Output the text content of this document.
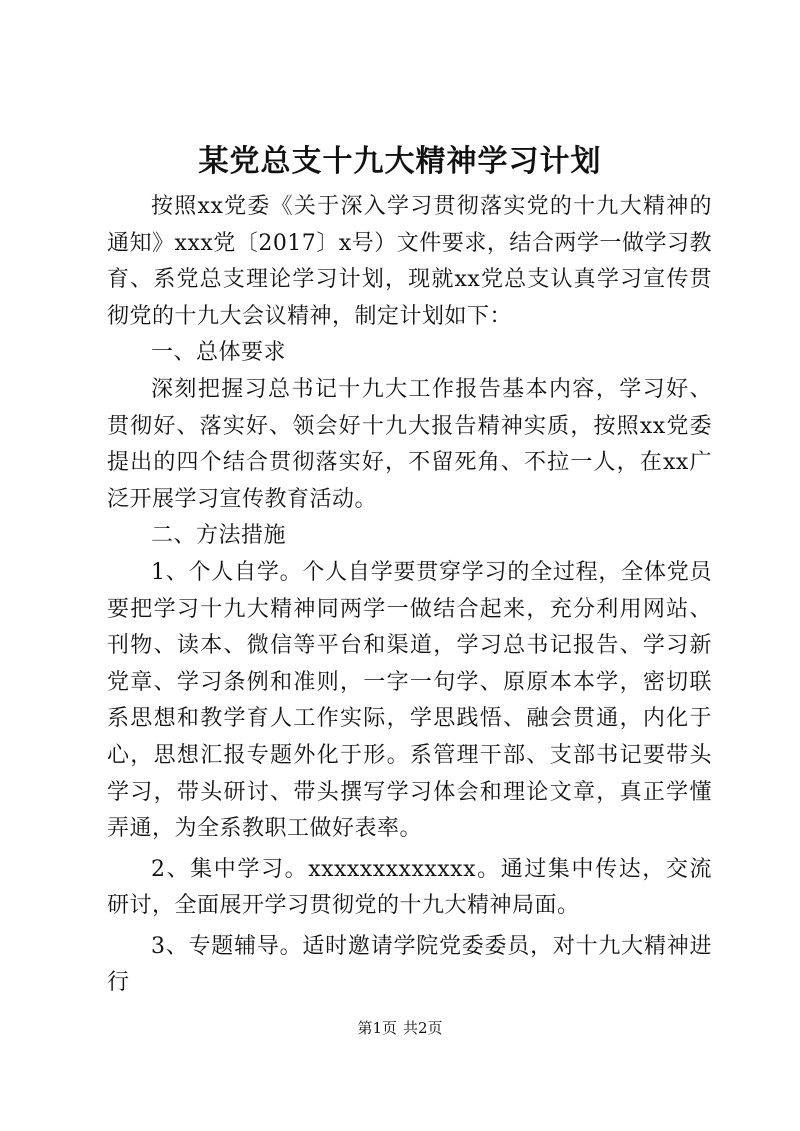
某党总支十九大精神学习计划

按照xx党委《关于深入学习贯彻落实党的十九大精神的通知》xxx党〔2017〕x号）文件要求，结合两学一做学习教育、系党总支理论学习计划，现就xx党总支认真学习宣传贯彻党的十九大会议精神，制定计划如下：

一、总体要求

深刻把握习总书记十九大工作报告基本内容，学习好、贯彻好、落实好、领会好十九大报告精神实质，按照xx党委提出的四个结合贯彻落实好，不留死角、不拉一人，在xx广泛开展学习宣传教育活动。

二、方法措施

1、个人自学。个人自学要贯穿学习的全过程，全体党员要把学习十九大精神同两学一做结合起来，充分利用网站、刊物、读本、微信等平台和渠道，学习总书记报告、学习新党章、学习条例和准则，一字一句学、原原本本学，密切联系思想和教学育人工作实际，学思践悟、融会贯通，内化于心，思想汇报专题外化于形。系管理干部、支部书记要带头学习，带头研讨、带头撰写学习体会和理论文章，真正学懂弄通，为全系教职工做好表率。

2、集中学习。xxxxxxxxxxxxx。通过集中传达，交流研讨，全面展开学习贯彻党的十九大精神局面。

3、专题辅导。适时邀请学院党委委员，对十九大精神进行

第1页 共2页
